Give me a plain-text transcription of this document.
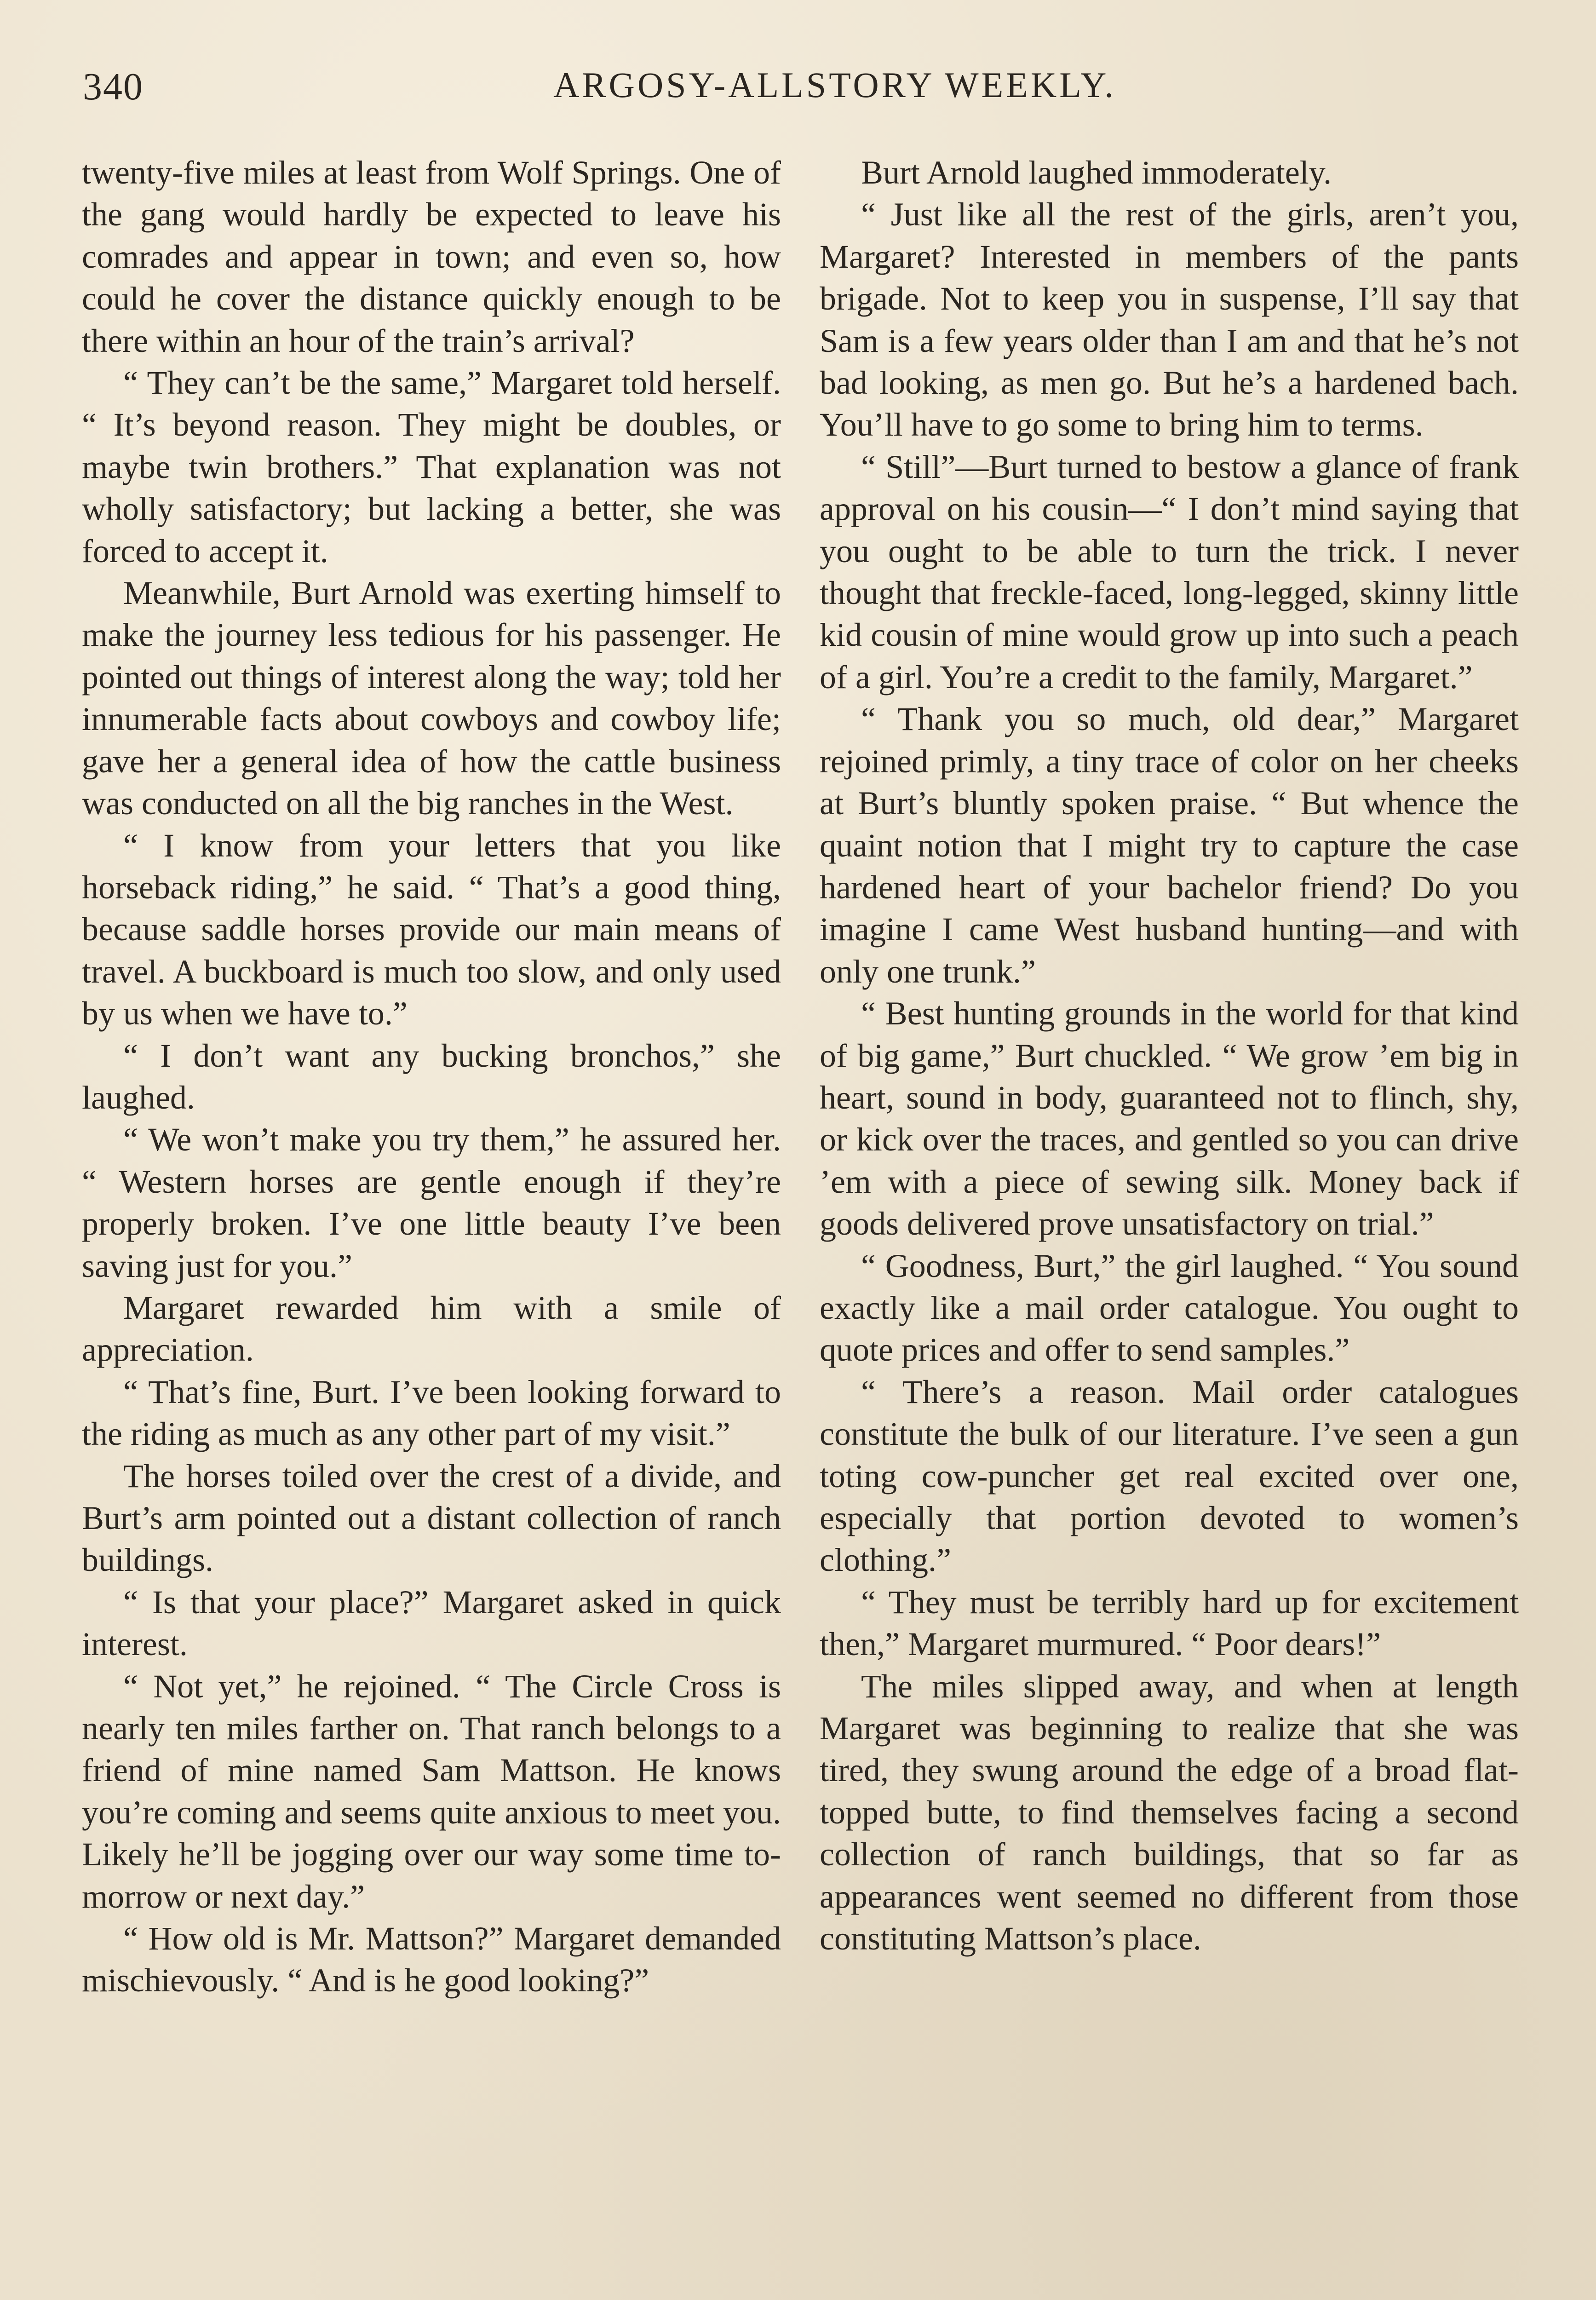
340	ARGOSY-ALLSTORY WEEKLY.

twenty-five miles at least from Wolf Springs. One of the gang would hardly be expected to leave his comrades and appear in town; and even so, how could he cover the distance quickly enough to be there within an hour of the train’s arrival?

“ They can’t be the same,” Margaret told herself. “ It’s beyond reason. They might be doubles, or maybe twin brothers.” That explanation was not wholly satisfactory; but lacking a better, she was forced to accept it.

Meanwhile, Burt Arnold was exerting himself to make the journey less tedious for his passenger. He pointed out things of interest along the way; told her innumerable facts about cowboys and cowboy life; gave her a general idea of how the cattle business was conducted on all the big ranches in the West.

“ I know from your letters that you like horseback riding,” he said. “ That’s a good thing, because saddle horses provide our main means of travel. A buckboard is much too slow, and only used by us when we have to.”

“ I don’t want any bucking bronchos,” she laughed.

“ We won’t make you try them,” he assured her. “ Western horses are gentle enough if they’re properly broken. I’ve one little beauty I’ve been saving just for you.”

Margaret rewarded him with a smile of appreciation.

“ That’s fine, Burt. I’ve been looking forward to the riding as much as any other part of my visit.”

The horses toiled over the crest of a divide, and Burt’s arm pointed out a distant collection of ranch buildings.

“ Is that your place?” Margaret asked in quick interest.

“ Not yet,” he rejoined. “ The Circle Cross is nearly ten miles farther on. That ranch belongs to a friend of mine named Sam Mattson. He knows you’re coming and seems quite anxious to meet you. Likely he’ll be jogging over our way some time to-morrow or next day.”

“ How old is Mr. Mattson?” Margaret demanded mischievously. “ And is he good looking?”

Burt Arnold laughed immoderately.

“ Just like all the rest of the girls, aren’t you, Margaret? Interested in members of the pants brigade. Not to keep you in suspense, I’ll say that Sam is a few years older than I am and that he’s not bad looking, as men go. But he’s a hardened bach. You’ll have to go some to bring him to terms.

“ Still”—Burt turned to bestow a glance of frank approval on his cousin—“ I don’t mind saying that you ought to be able to turn the trick. I never thought that freckle-faced, long-legged, skinny little kid cousin of mine would grow up into such a peach of a girl. You’re a credit to the family, Margaret.”

“ Thank you so much, old dear,” Margaret rejoined primly, a tiny trace of color on her cheeks at Burt’s bluntly spoken praise. “ But whence the quaint notion that I might try to capture the case hardened heart of your bachelor friend? Do you imagine I came West husband hunting—and with only one trunk.”

“ Best hunting grounds in the world for that kind of big game,” Burt chuckled. “ We grow ’em big in heart, sound in body, guaranteed not to flinch, shy, or kick over the traces, and gentled so you can drive ’em with a piece of sewing silk. Money back if goods delivered prove unsatisfactory on trial.”

“ Goodness, Burt,” the girl laughed. “ You sound exactly like a mail order catalogue. You ought to quote prices and offer to send samples.”

“ There’s a reason. Mail order catalogues constitute the bulk of our literature. I’ve seen a gun toting cow-puncher get real excited over one, especially that portion devoted to women’s clothing.”

“ They must be terribly hard up for excitement then,” Margaret murmured. “ Poor dears!”

The miles slipped away, and when at length Margaret was beginning to realize that she was tired, they swung around the edge of a broad flat-topped butte, to find themselves facing a second collection of ranch buildings, that so far as appearances went seemed no different from those constituting Mattson’s place.
